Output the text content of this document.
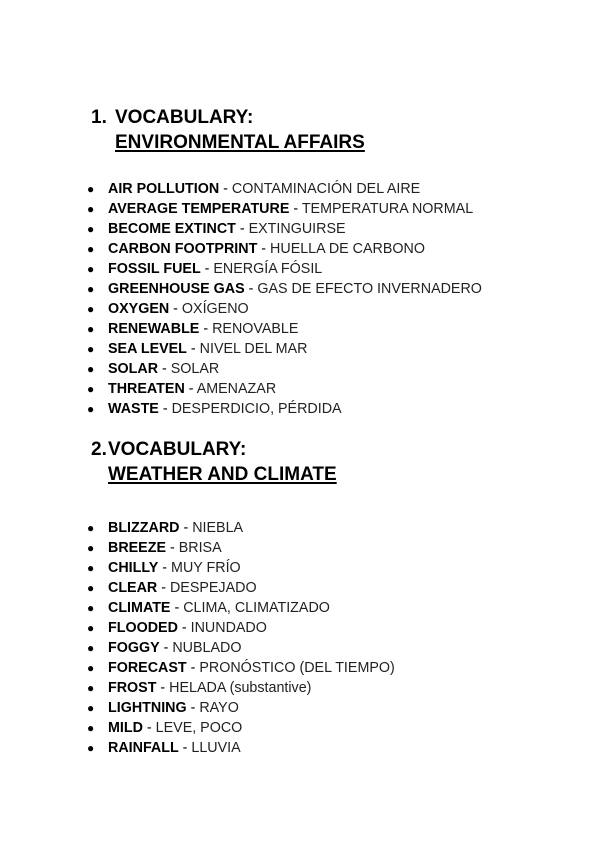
1. VOCABULARY:
ENVIRONMENTAL AFFAIRS
● AIR POLLUTION - CONTAMINACIÓN DEL AIRE
● AVERAGE TEMPERATURE - TEMPERATURA NORMAL
● BECOME EXTINCT - EXTINGUIRSE
● CARBON FOOTPRINT - HUELLA DE CARBONO
● FOSSIL FUEL - ENERGÍA FÓSIL
● GREENHOUSE GAS - GAS DE EFECTO INVERNADERO
● OXYGEN - OXÍGENO
● RENEWABLE - RENOVABLE
● SEA LEVEL - NIVEL DEL MAR
● SOLAR - SOLAR
● THREATEN - AMENAZAR
● WASTE - DESPERDICIO, PÉRDIDA
2.VOCABULARY:
WEATHER AND CLIMATE
● BLIZZARD - NIEBLA
● BREEZE - BRISA
● CHILLY - MUY FRÍO
● CLEAR - DESPEJADO
● CLIMATE - CLIMA, CLIMATIZADO
● FLOODED - INUNDADO
● FOGGY - NUBLADO
● FORECAST - PRONÓSTICO (DEL TIEMPO)
● FROST - HELADA (substantive)
● LIGHTNING - RAYO
● MILD - LEVE, POCO
● RAINFALL - LLUVIA
